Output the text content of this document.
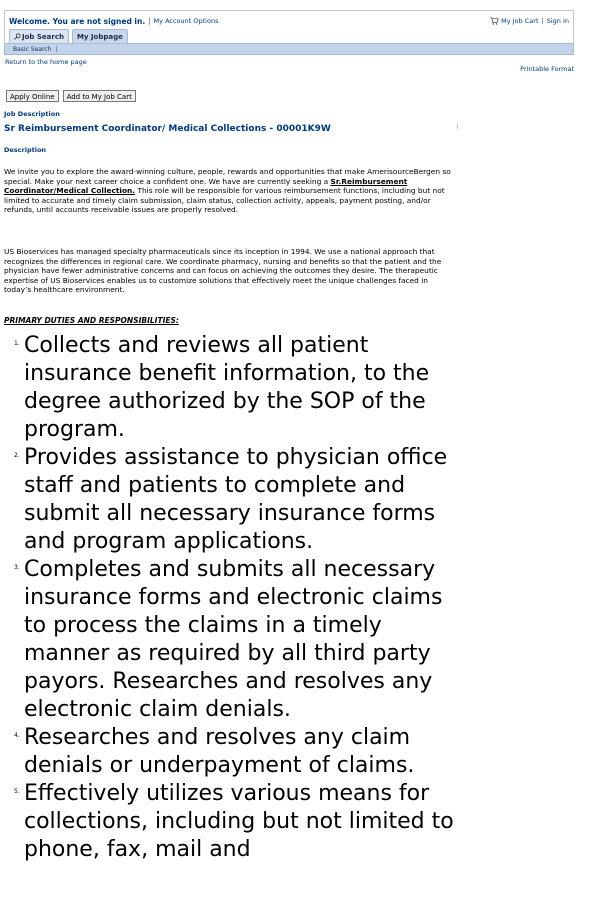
Welcome. You are not signed in. | My Account Options	My Job Cart | Sign In
Job Search My Jobpage
Basic Search |
Return to the home page
Printable Format
Apply Online	Add to My Job Cart
Job Description
Sr Reimbursement Coordinator/ Medical Collections - 00001K9W
Description
We invite you to explore the award-winning culture, people, rewards and opportunities that make AmerisourceBergen so special. Make your next career choice a confident one. We have are currently seeking a Sr.Reimbursement Coordinator/Medical Collection. This role will be responsible for various reimbursement functions, including but not limited to accurate and timely claim submission, claim status, collection activity, appeals, payment posting, and/or refunds, until accounts receivable issues are properly resolved.
US Bioservices has managed specialty pharmaceuticals since its inception in 1994. We use a national approach that recognizes the differences in regional care. We coordinate pharmacy, nursing and benefits so that the patient and the physician have fewer administrative concerns and can focus on achieving the outcomes they desire. The therapeutic expertise of US Bioservices enables us to customize solutions that effectively meet the unique challenges faced in today’s healthcare environment.
PRIMARY DUTIES AND RESPONSIBILITIES:
1. Collects and reviews all patient insurance benefit information, to the degree authorized by the SOP of the program.
2. Provides assistance to physician office staff and patients to complete and submit all necessary insurance forms and program applications.
3. Completes and submits all necessary insurance forms and electronic claims to process the claims in a timely manner as required by all third party payors. Researches and resolves any electronic claim denials.
4. Researches and resolves any claim denials or underpayment of claims.
5. Effectively utilizes various means for collections, including but not limited to phone, fax, mail and
